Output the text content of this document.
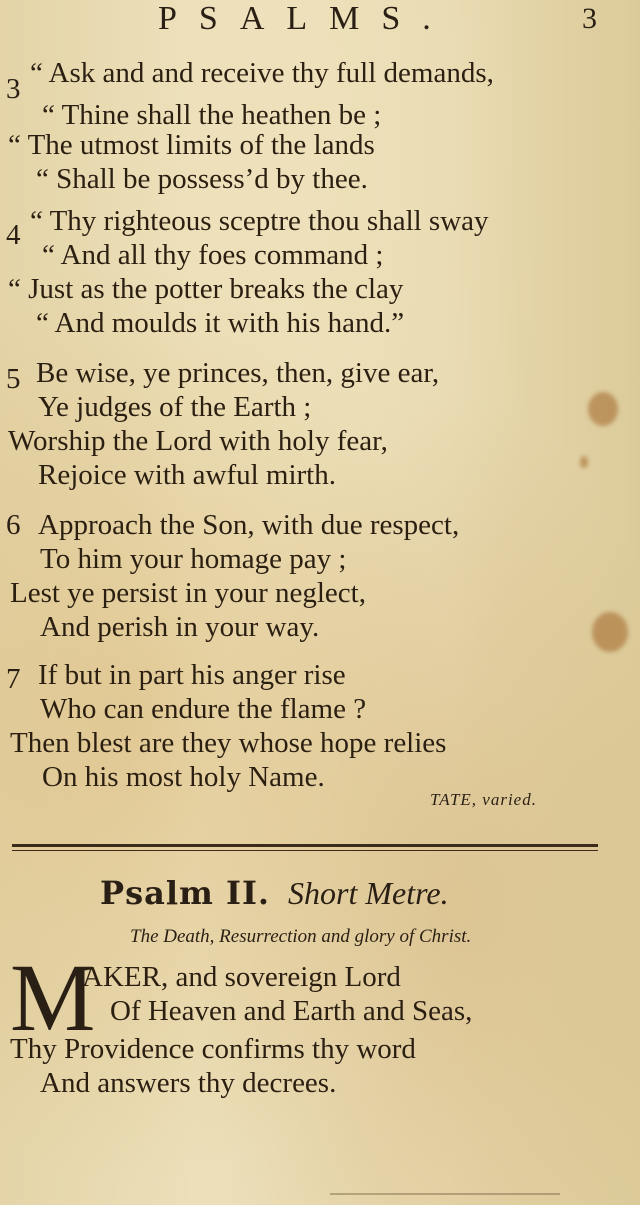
PSALMS.	3
3 “ Ask and and receive thy full demands,
“ Thine shall the heathen be ;
“ The utmost limits of the lands
“ Shall be possess’d by thee.
4 “ Thy righteous sceptre thou shall sway
“ And all thy foes command ;
“ Just as the potter breaks the clay
“ And moulds it with his hand.”
5 Be wise, ye princes, then, give ear,
Ye judges of the Earth ;
Worship the Lord with holy fear,
Rejoice with awful mirth.
6 Approach the Son, with due respect,
To him your homage pay ;
Lest ye persist in your neglect,
And perish in your way.
7 If but in part his anger rise
Who can endure the flame ?
Then blest are they whose hope relies
On his most holy Name.
TATE, varied.
Psalm II. Short Metre.
The Death, Resurrection and glory of Christ.
M
AKER, and sovereign Lord
Of Heaven and Earth and Seas,
Thy Providence confirms thy word
And answers thy decrees.
